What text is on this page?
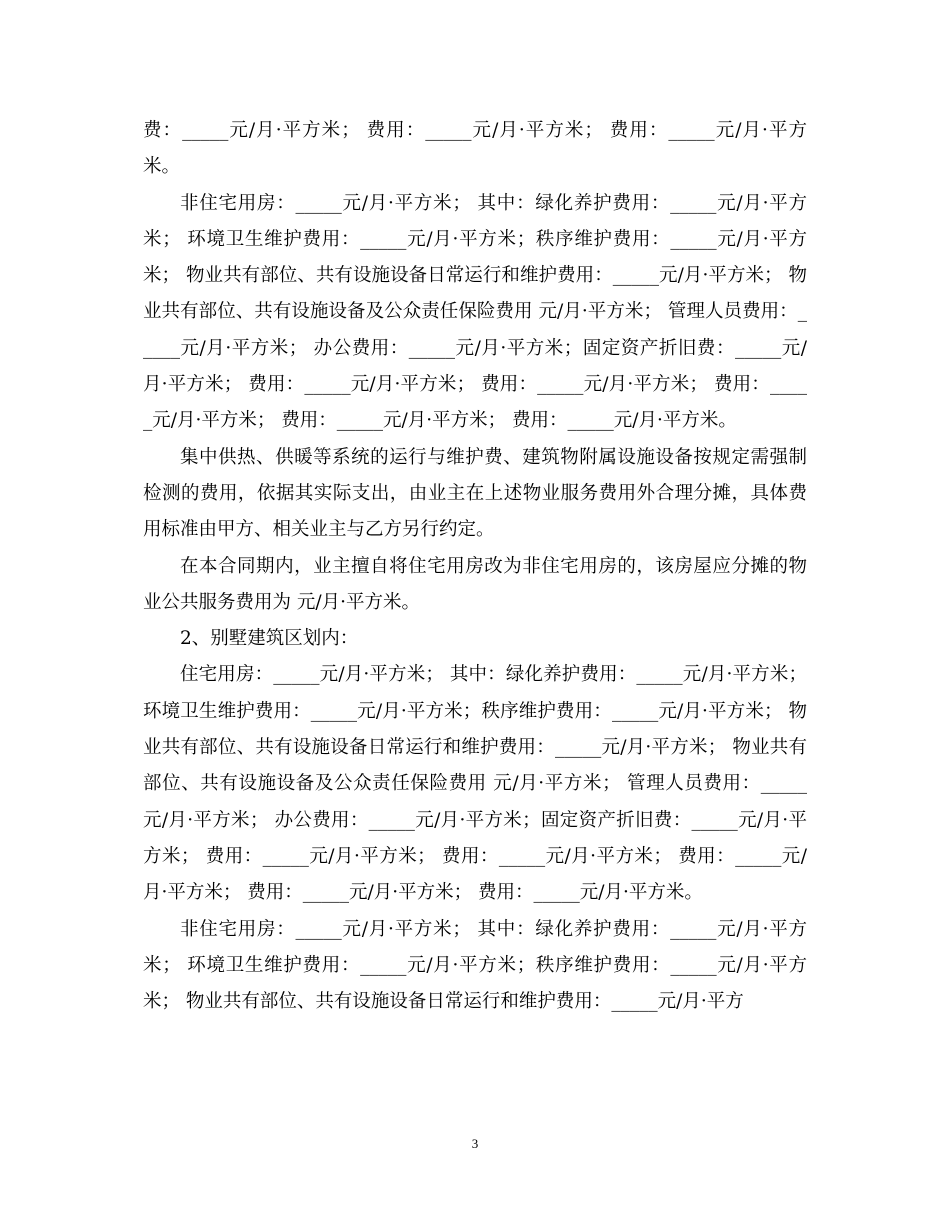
费：_____元/月·平方米； 费用：_____元/月·平方米； 费用：_____元/月·平方米。

非住宅用房：_____元/月·平方米； 其中：绿化养护费用：_____元/月·平方米； 环境卫生维护费用：_____元/月·平方米；秩序维护费用：_____元/月·平方米； 物业共有部位、共有设施设备日常运行和维护费用：_____元/月·平方米； 物业共有部位、共有设施设备及公众责任保险费用 元/月·平方米； 管理人员费用：_____元/月·平方米； 办公费用：_____元/月·平方米；固定资产折旧费：_____元/月·平方米； 费用：_____元/月·平方米； 费用：_____元/月·平方米； 费用：_____元/月·平方米； 费用：_____元/月·平方米； 费用：_____元/月·平方米。

集中供热、供暖等系统的运行与维护费、建筑物附属设施设备按规定需强制检测的费用，依据其实际支出，由业主在上述物业服务费用外合理分摊，具体费用标准由甲方、相关业主与乙方另行约定。

在本合同期内，业主擅自将住宅用房改为非住宅用房的，该房屋应分摊的物业公共服务费用为 元/月·平方米。

2、别墅建筑区划内：

住宅用房：_____元/月·平方米； 其中：绿化养护费用：_____元/月·平方米； 环境卫生维护费用：_____元/月·平方米；秩序维护费用：_____元/月·平方米； 物业共有部位、共有设施设备日常运行和维护费用：_____元/月·平方米； 物业共有部位、共有设施设备及公众责任保险费用 元/月·平方米； 管理人员费用：_____元/月·平方米； 办公费用：_____元/月·平方米；固定资产折旧费：_____元/月·平方米； 费用：_____元/月·平方米； 费用：_____元/月·平方米； 费用：_____元/月·平方米； 费用：_____元/月·平方米； 费用：_____元/月·平方米。

非住宅用房：_____元/月·平方米； 其中：绿化养护费用：_____元/月·平方米； 环境卫生维护费用：_____元/月·平方米；秩序维护费用：_____元/月·平方米； 物业共有部位、共有设施设备日常运行和维护费用：_____元/月·平方

3
